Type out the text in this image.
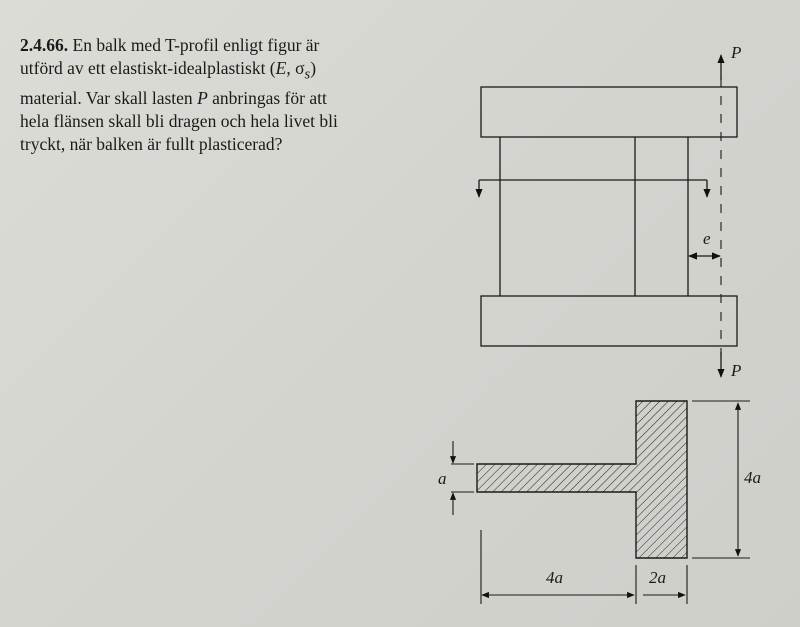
2.4.66. En balk med T-profil enligt figur är

utförd av ett elastiskt-idealplastiskt (E, $\sigma_s$)

material. Var skall lasten P anbringas för att

hela flänsen skall bli dragen och hela livet bli

tryckt, när balken är fullt plasticerad?

P
P
e
a	4a
4a	2a
